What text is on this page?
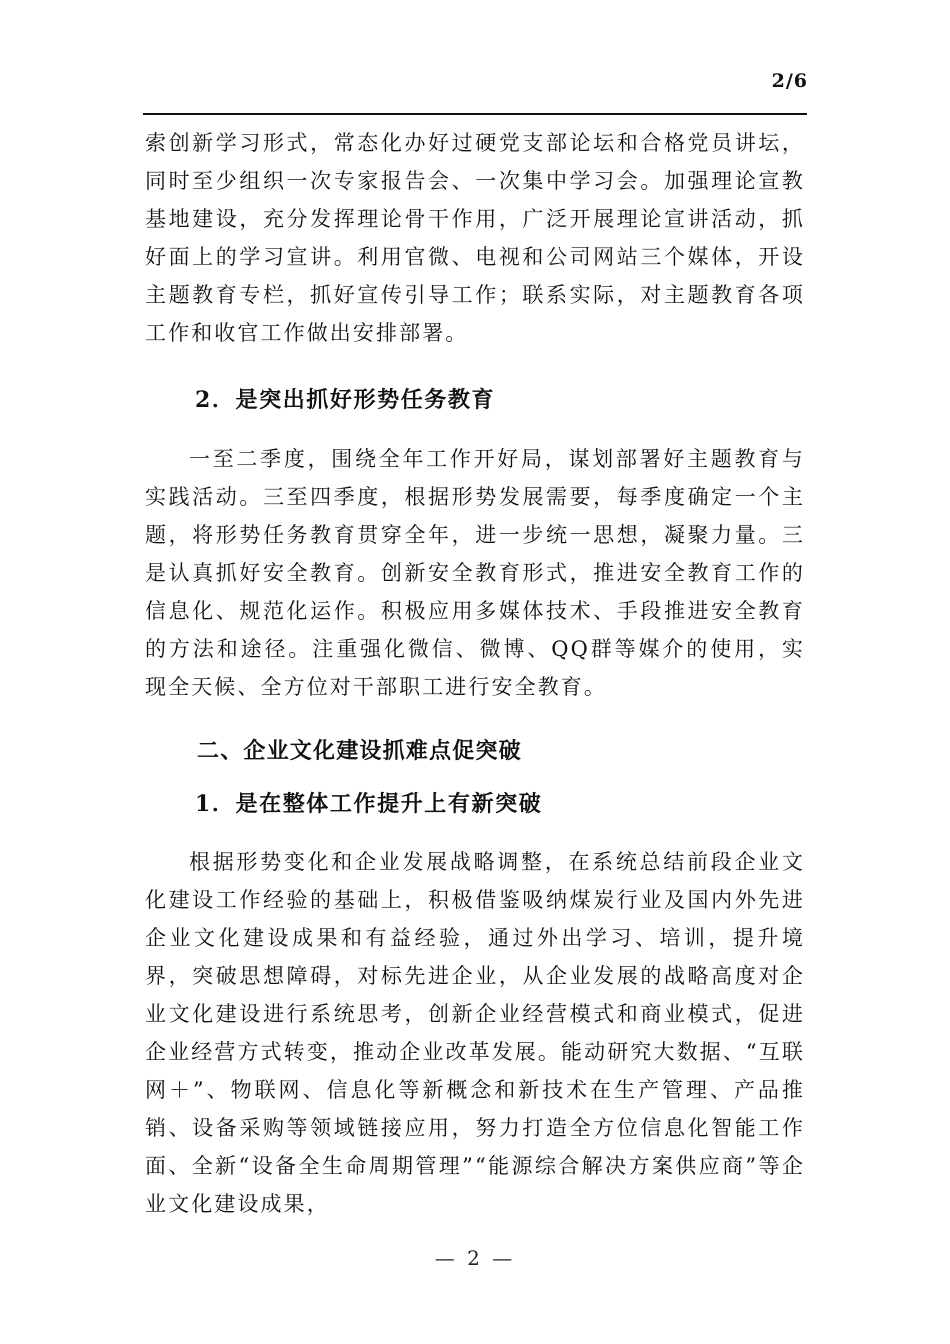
2/6

索创新学习形式，常态化办好过硬党支部论坛和合格党员讲坛，同时至少组织一次专家报告会、一次集中学习会。加强理论宣教基地建设，充分发挥理论骨干作用，广泛开展理论宣讲活动，抓好面上的学习宣讲。利用官微、电视和公司网站三个媒体，开设主题教育专栏，抓好宣传引导工作；联系实际，对主题教育各项工作和收官工作做出安排部署。

2．是突出抓好形势任务教育

一至二季度，围绕全年工作开好局，谋划部署好主题教育与实践活动。三至四季度，根据形势发展需要，每季度确定一个主题，将形势任务教育贯穿全年，进一步统一思想，凝聚力量。三是认真抓好安全教育。创新安全教育形式，推进安全教育工作的信息化、规范化运作。积极应用多媒体技术、手段推进安全教育的方法和途径。注重强化微信、微博、QQ群等媒介的使用，实现全天候、全方位对干部职工进行安全教育。

二、企业文化建设抓难点促突破
1．是在整体工作提升上有新突破

根据形势变化和企业发展战略调整，在系统总结前段企业文化建设工作经验的基础上，积极借鉴吸纳煤炭行业及国内外先进企业文化建设成果和有益经验，通过外出学习、培训，提升境界，突破思想障碍，对标先进企业，从企业发展的战略高度对企业文化建设进行系统思考，创新企业经营模式和商业模式，促进企业经营方式转变，推动企业改革发展。能动研究大数据、“互联网＋”、物联网、信息化等新概念和新技术在生产管理、产品推销、设备采购等领域链接应用，努力打造全方位信息化智能工作面、全新“设备全生命周期管理”“能源综合解决方案供应商”等企业文化建设成果，

— 2 —
